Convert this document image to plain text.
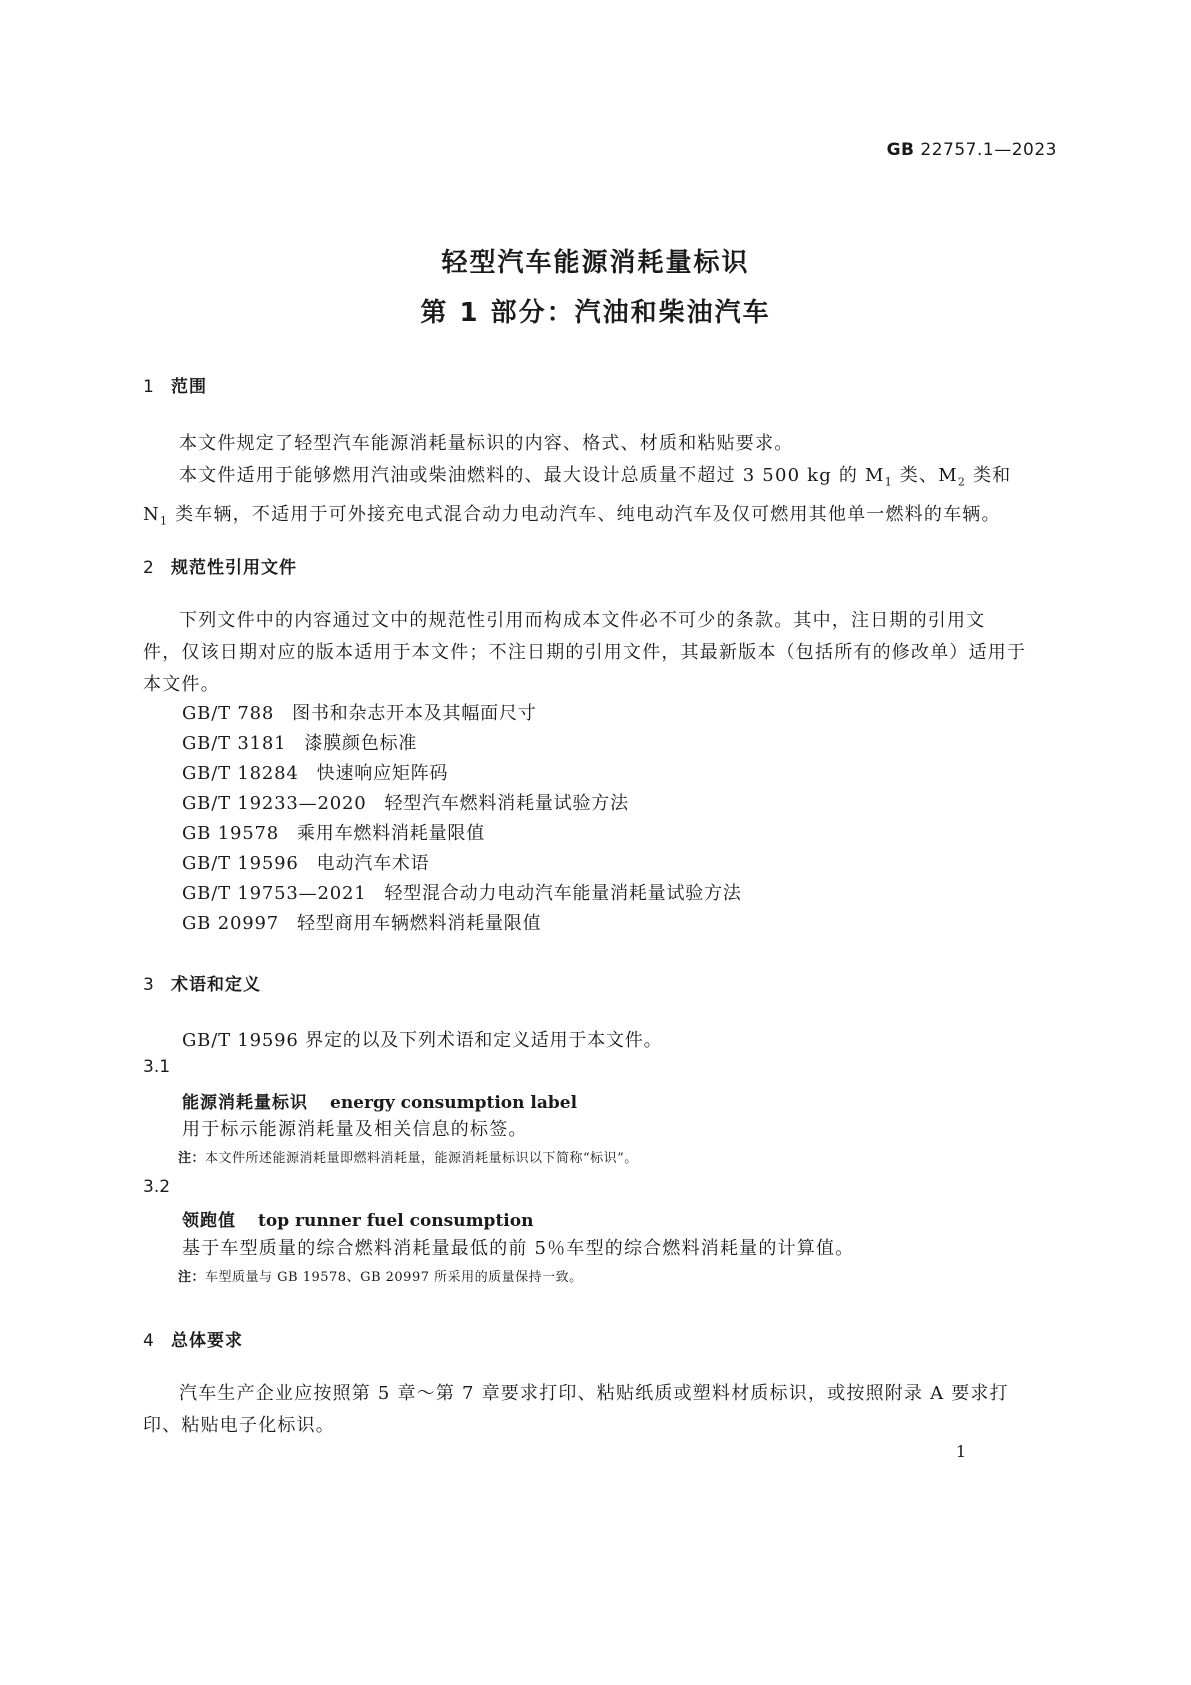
GB 22757.1—2023
轻型汽车能源消耗量标识
第 1 部分：汽油和柴油汽车
1 范围
本文件规定了轻型汽车能源消耗量标识的内容、格式、材质和粘贴要求。
本文件适用于能够燃用汽油或柴油燃料的、最大设计总质量不超过 3 500 kg 的 $M_1$ 类、$M_2$ 类和
$N_1$ 类车辆，不适用于可外接充电式混合动力电动汽车、纯电动汽车及仅可燃用其他单一燃料的车辆。
2 规范性引用文件
下列文件中的内容通过文中的规范性引用而构成本文件必不可少的条款。其中，注日期的引用文
件，仅该日期对应的版本适用于本文件；不注日期的引用文件，其最新版本（包括所有的修改单）适用于
本文件。
GB/T 788 图书和杂志开本及其幅面尺寸
GB/T 3181 漆膜颜色标准
GB/T 18284 快速响应矩阵码
GB/T 19233—2020 轻型汽车燃料消耗量试验方法
GB 19578 乘用车燃料消耗量限值
GB/T 19596 电动汽车术语
GB/T 19753—2021 轻型混合动力电动汽车能量消耗量试验方法
GB 20997 轻型商用车辆燃料消耗量限值
3 术语和定义
GB/T 19596 界定的以及下列术语和定义适用于本文件。
3.1
能源消耗量标识 energy consumption label
用于标示能源消耗量及相关信息的标签。
注：本文件所述能源消耗量即燃料消耗量，能源消耗量标识以下简称“标识”。
3.2
领跑值 top runner fuel consumption
基于车型质量的综合燃料消耗量最低的前 5％车型的综合燃料消耗量的计算值。
注：车型质量与 GB 19578、GB 20997 所采用的质量保持一致。
4 总体要求
汽车生产企业应按照第 5 章～第 7 章要求打印、粘贴纸质或塑料材质标识，或按照附录 A 要求打
印、粘贴电子化标识。
1
